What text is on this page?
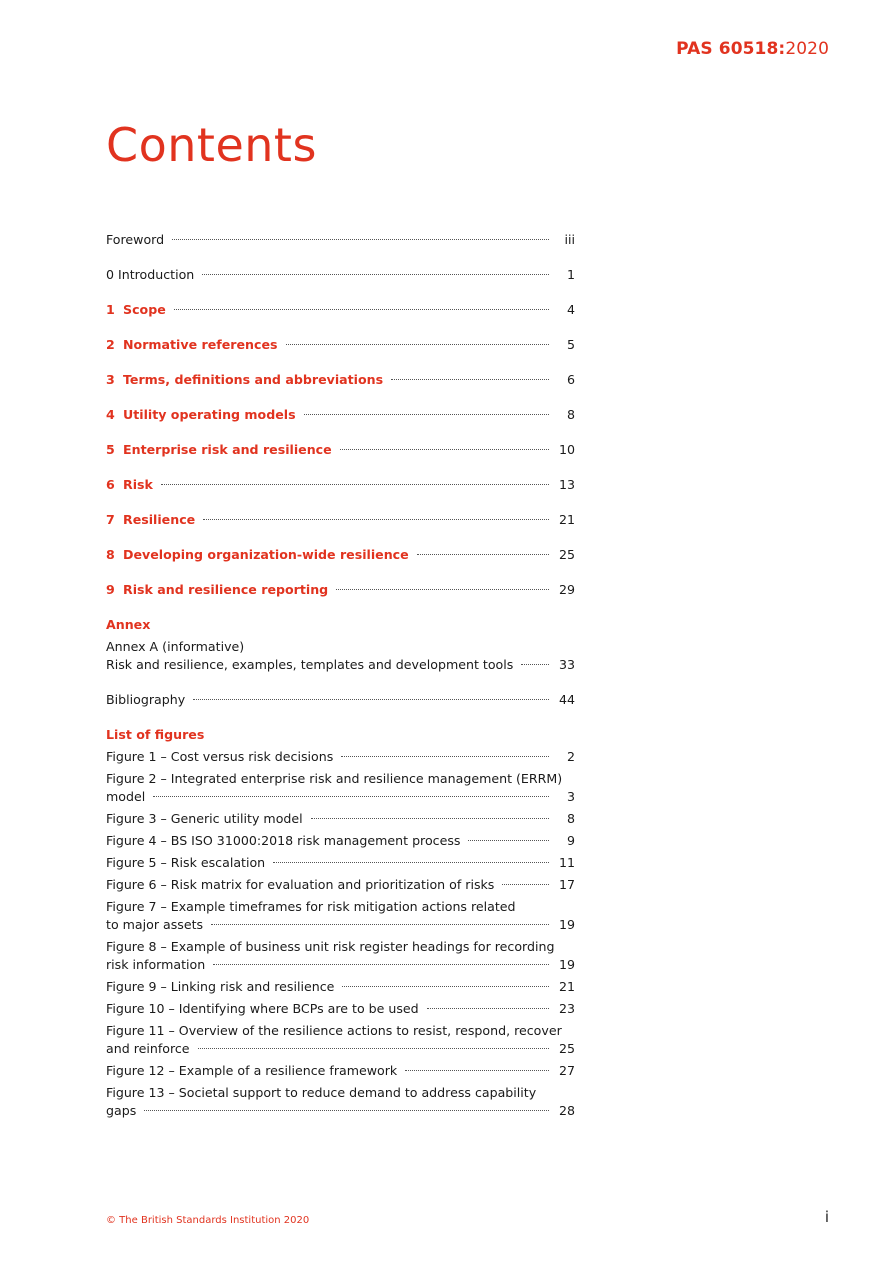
PAS 60518:2020
Contents
Foreword	iii
0 Introduction	1
1 Scope	4
2 Normative references	5
3 Terms, definitions and abbreviations	6
4 Utility operating models	8
5 Enterprise risk and resilience	10
6 Risk	13
7 Resilience	21
8 Developing organization-wide resilience	25
9 Risk and resilience reporting	29
Annex
Annex A (informative)
Risk and resilience, examples, templates and development tools	33
Bibliography	44
List of figures
Figure 1 – Cost versus risk decisions	2
Figure 2 – Integrated enterprise risk and resilience management (ERRM)
model	3
Figure 3 – Generic utility model	8
Figure 4 – BS ISO 31000:2018 risk management process	9
Figure 5 – Risk escalation	11
Figure 6 – Risk matrix for evaluation and prioritization of risks	17
Figure 7 – Example timeframes for risk mitigation actions related
to major assets	19
Figure 8 – Example of business unit risk register headings for recording
risk information	19
Figure 9 – Linking risk and resilience	21
Figure 10 – Identifying where BCPs are to be used	23
Figure 11 – Overview of the resilience actions to resist, respond, recover
and reinforce	25
Figure 12 – Example of a resilience framework	27
Figure 13 – Societal support to reduce demand to address capability
gaps	28
© The British Standards Institution 2020	i
